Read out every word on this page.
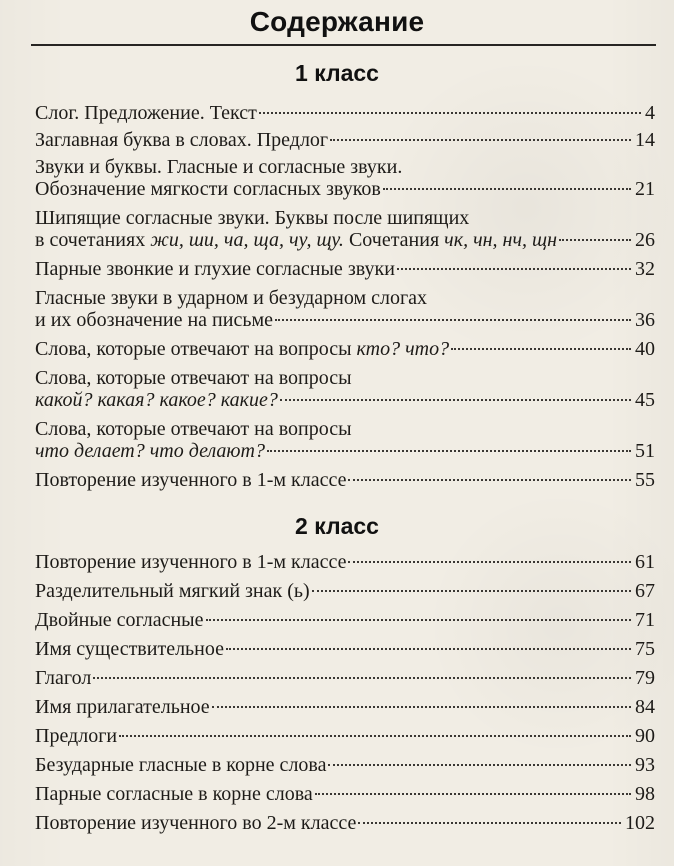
Содержание
1 класс
Слог. Предложение. Текст	4
Заглавная буква в словах. Предлог	14
Звуки и буквы. Гласные и согласные звуки.
Обозначение мягкости согласных звуков	21
Шипящие согласные звуки. Буквы после шипящих
в сочетаниях жи, ши, ча, ща, чу, щу. Сочетания чк, чн, нч, щн	26
Парные звонкие и глухие согласные звуки	32
Гласные звуки в ударном и безударном слогах
и их обозначение на письме	36
Слова, которые отвечают на вопросы кто? что?	40
Слова, которые отвечают на вопросы
какой? какая? какое? какие?	45
Слова, которые отвечают на вопросы
что делает? что делают?	51
Повторение изученного в 1-м классе	55
2 класс
Повторение изученного в 1-м классе	61
Разделительный мягкий знак (ь)	67
Двойные согласные	71
Имя существительное	75
Глагол	79
Имя прилагательное	84
Предлоги	90
Безударные гласные в корне слова	93
Парные согласные в корне слова	98
Повторение изученного во 2-м классе	102
